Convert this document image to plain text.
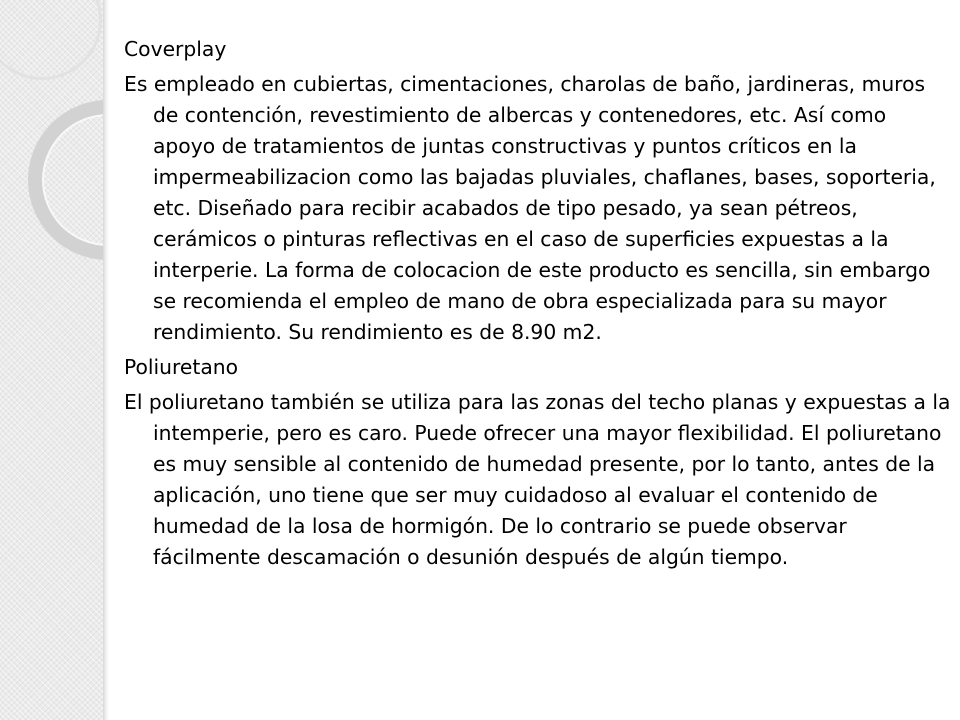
Coverplay
Es empleado en cubiertas, cimentaciones, charolas de baño, jardineras, muros de contención, revestimiento de albercas y contenedores, etc. Así como apoyo de tratamientos de juntas constructivas y puntos críticos en la impermeabilizacion como las bajadas pluviales, chaflanes, bases, soporteria, etc. Diseñado para recibir acabados de tipo pesado, ya sean pétreos, cerámicos o pinturas reflectivas en el caso de superficies expuestas a la interperie. La forma de colocacion de este producto es sencilla, sin embargo se recomienda el empleo de mano de obra especializada para su mayor rendimiento. Su rendimiento es de 8.90 m2.
Poliuretano
El poliuretano también se utiliza para las zonas del techo planas y expuestas a la intemperie, pero es caro. Puede ofrecer una mayor flexibilidad. El poliuretano es muy sensible al contenido de humedad presente, por lo tanto, antes de la aplicación, uno tiene que ser muy cuidadoso al evaluar el contenido de humedad de la losa de hormigón. De lo contrario se puede observar fácilmente descamación o desunión después de algún tiempo.
